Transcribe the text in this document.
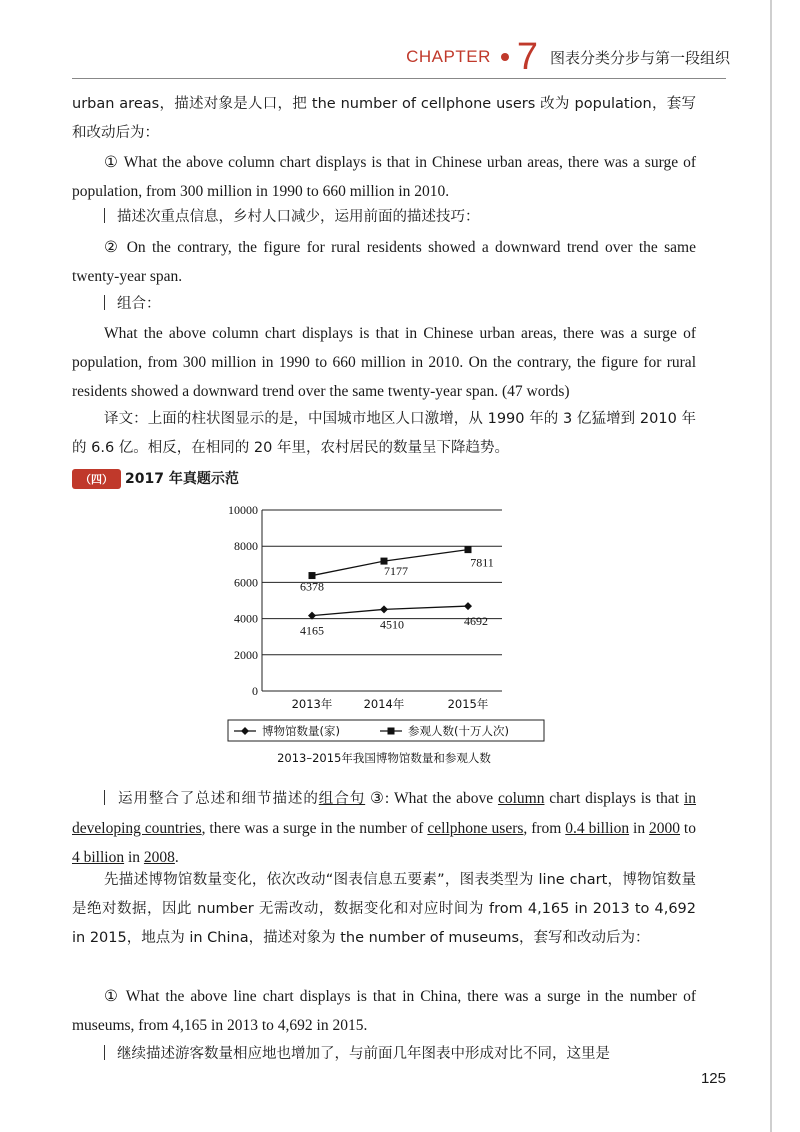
CHAPTER 7 图表分类分步与第一段组织

urban areas，描述对象是人口，把 the number of cellphone users 改为 population，套写和改动后为：

① What the above column chart displays is that in Chinese urban areas, there was a surge of population, from 300 million in 1990 to 660 million in 2010.

描述次重点信息，乡村人口减少，运用前面的描述技巧：

② On the contrary, the figure for rural residents showed a downward trend over the same twenty-year span.

组合：

What the above column chart displays is that in Chinese urban areas, there was a surge of population, from 300 million in 1990 to 660 million in 2010. On the contrary, the figure for rural residents showed a downward trend over the same twenty-year span. (47 words)

译文：上面的柱状图显示的是，中国城市地区人口激增，从 1990 年的 3 亿猛增到 2010 年的 6.6 亿。相反，在相同的 20 年里，农村居民的数量呈下降趋势。

（四） 2017 年真题示范
0
2000
4000
6000
8000
10000
4165	4510	4692
6378
7177
7811
2013年	2014年	2015年
博物馆数量(家)	参观人数(十万人次)
2013–2015年我国博物馆数量和参观人数

运用整合了总述和细节描述的组合句 ③: What the above column chart displays is that in developing countries, there was a surge in the number of cellphone users, from 0.4 billion in 2000 to 4 billion in 2008.

先描述博物馆数量变化，依次改动“图表信息五要素”，图表类型为 line chart，博物馆数量是绝对数据，因此 number 无需改动，数据变化和对应时间为 from 4,165 in 2013 to 4,692 in 2015，地点为 in China，描述对象为 the number of museums，套写和改动后为：

① What the above line chart displays is that in China, there was a surge in the number of museums, from 4,165 in 2013 to 4,692 in 2015.

继续描述游客数量相应地也增加了，与前面几年图表中形成对比不同，这里是

125
